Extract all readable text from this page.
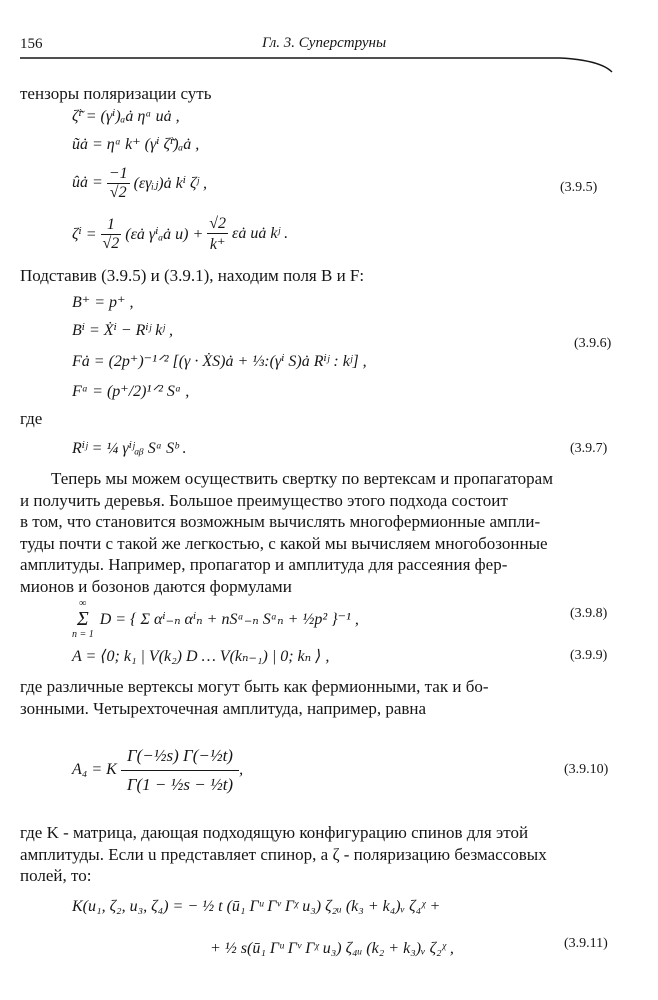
156	Гл. 3. Суперструны
тензоры поляризации суть
ζ̃ⁱ = (γⁱ)ₐȧ ηᵃ uȧ ,
ũȧ = ηᵃ k⁺ (γⁱ ζ̃ⁱ)ₐȧ ,
ûȧ =
$\frac{-1}{√2}$
(εγᵢⱼ)ȧ kⁱ ζʲ ,
ζⁱ =
$\frac{1}{√2}$
(εȧ γⁱₐȧ u) +
$\frac{√2}{k^+}$
εȧ uȧ kʲ .
(3.9.5)
Подставив (3.9.5) и (3.9.1), находим поля B и F:
B⁺ = p⁺ ,
Bⁱ = Ẋⁱ − Rⁱʲ kʲ ,
Fȧ = (2p⁺)⁻¹ᐟ² [(γ · ẊS)ȧ + ⅓:(γⁱ S)ȧ Rⁱʲ : kʲ] ,
Fᵃ = (p⁺/2)¹ᐟ² Sᵃ ,
(3.9.6)
где
Rⁱʲ = ¼ γⁱʲₐᵦ Sᵃ Sᵇ .	(3.9.7)
Теперь мы можем осуществить свертку по вертексам и пропагаторам
и получить деревья. Большое преимущество этого подхода состоит
в том, что становится возможным вычислять многофермионные ампли-
туды почти с такой же легкостью, с какой мы вычисляем многобозонные
амплитуды. Например, пропагатор и амплитуда для рассеяния фер-
мионов и бозонов даются формулами
∞
Σ
n = 1
D = { Σ αⁱ₋ₙ αⁱₙ + nSᵃ₋ₙ Sᵃₙ + ½p² }⁻¹ ,	(3.9.8)
A = ⟨0; k₁ | V(k₂) D … V(kₙ₋₁) | 0; kₙ ⟩ ,	(3.9.9)
где различные вертексы могут быть как фермионными, так и бо-
зонными. Четырехточечная амплитуда, например, равна
A₄ = K
$\frac{\text{Γ(−½s) Γ(−½t)}}{\text{Γ(1 − ½s − ½t)}}$ ,	(3.9.10)
где K - матрица, дающая подходящую конфигурацию спинов для этой
амплитуды. Если u представляет спинор, а ζ - поляризацию безмассовых
полей, то:
K(u₁, ζ₂, u₃, ζ₄) = − ½ t (ū₁ Γᵘ Γᵛ Γᵡ u₃) ζ₂ᵤ (k₃ + k₄)ᵥ ζ₄ᵡ +
+ ½ s(ū₁ Γᵘ Γᵛ Γᵡ u₃) ζ₄ᵤ (k₂ + k₃)ᵥ ζ₂ᵡ ,	(3.9.11)
